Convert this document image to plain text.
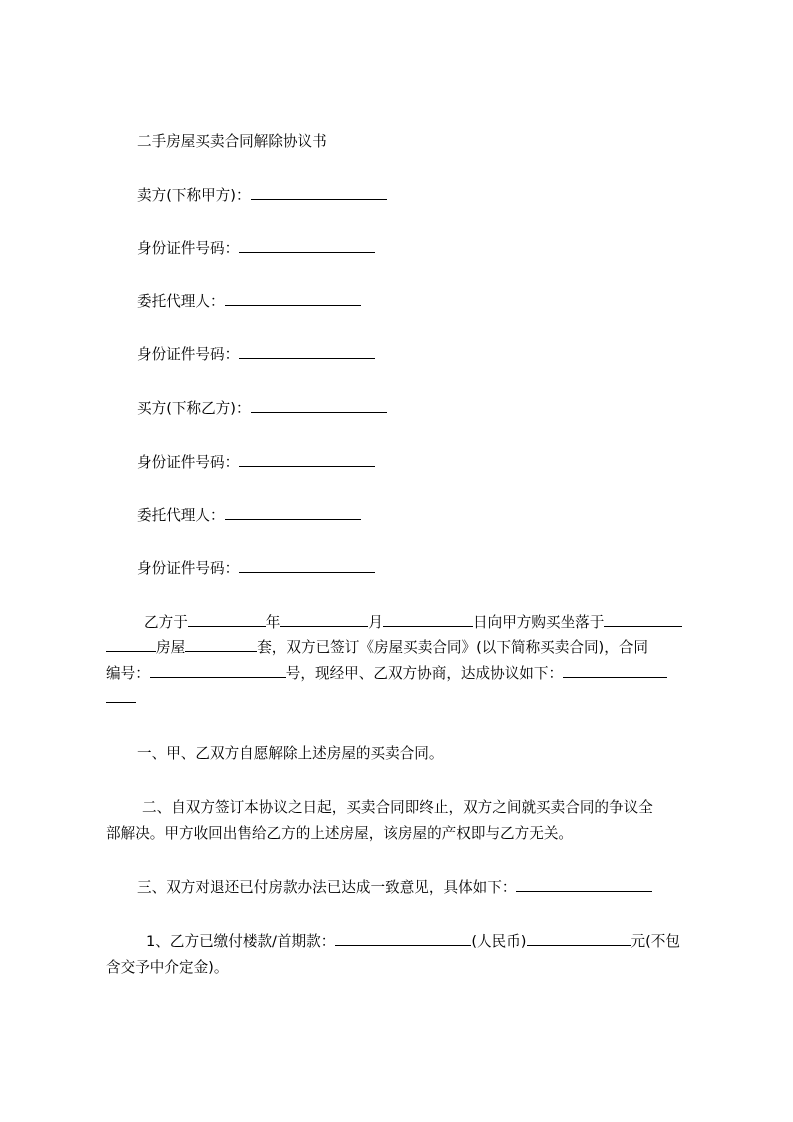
二手房屋买卖合同解除协议书
卖方(下称甲方)：
身份证件号码：
委托代理人：
身份证件号码：
买方(下称乙方)：
身份证件号码：
委托代理人：
身份证件号码：
乙方于	年	月	日向甲方购买坐落于
房屋	套，双方已签订《房屋买卖合同》(以下简称买卖合同)，合同
编号：	号，现经甲、乙双方协商，达成协议如下：
一、甲、乙双方自愿解除上述房屋的买卖合同。
二、自双方签订本协议之日起，买卖合同即终止，双方之间就买卖合同的争议全
部解决。甲方收回出售给乙方的上述房屋，该房屋的产权即与乙方无关。
三、双方对退还已付房款办法已达成一致意见，具体如下：
1、乙方已缴付楼款/首期款：	(人民币)	元(不包
含交予中介定金)。
